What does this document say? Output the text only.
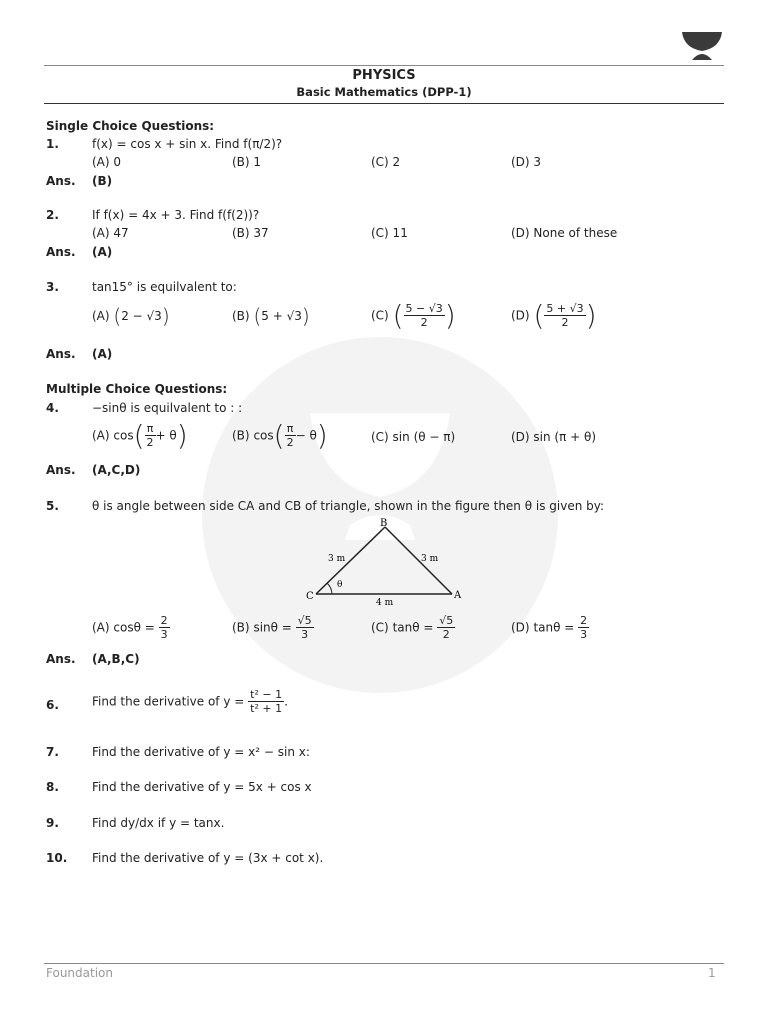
PHYSICS
Basic Mathematics (DPP-1)
Single Choice Questions:
1.	f(x) = cos x + sin x. Find f(π/2)?
(A) 0	(B) 1	(C) 2	(D) 3
Ans. (B)
2.	If f(x) = 4x + 3. Find f(f(2))?
(A) 47	(B) 37	(C) 11	(D) None of these
Ans. (A)
3.	tan15° is equilvalent to:
(A) (2 − √3)	(B) (5 + √3)	(C) ( $\frac{5 - √3}{2}$ )	(D) ( $\frac{5 + √3}{2}$ )
Ans. (A)
Multiple Choice Questions:
4.	−sinθ is equilvalent to : :
(A) $\cos( \frac{\pi}{2} + \theta)$	(B) $\cos( \frac{\pi}{2} - \theta)$	(C) sin (θ − π)	(D) sin (π + θ)
Ans. (A,C,D)
5.	θ is angle between side CA and CB of triangle, shown in the figure then θ is given by:
B
C	A
3 m	3 m
4 m
θ
(A) $\cos\theta = \frac{2}{3}$	(B) $\sin\theta = \frac{√5}{3}$	(C) $\tan\theta = \frac{√5}{2}$	(D) $\tan\theta = \frac{2}{3}$
Ans. (A,B,C)
6.	Find the derivative of $y = \frac{\text{t² − 1}}{\text{t² + 1}}$ .
7.	Find the derivative of y = x² − sin x:
8.	Find the derivative of y = 5x + cos x
9.	Find dy/dx if y = tanx.
10. Find the derivative of y = (3x + cot x).
Foundation	1
